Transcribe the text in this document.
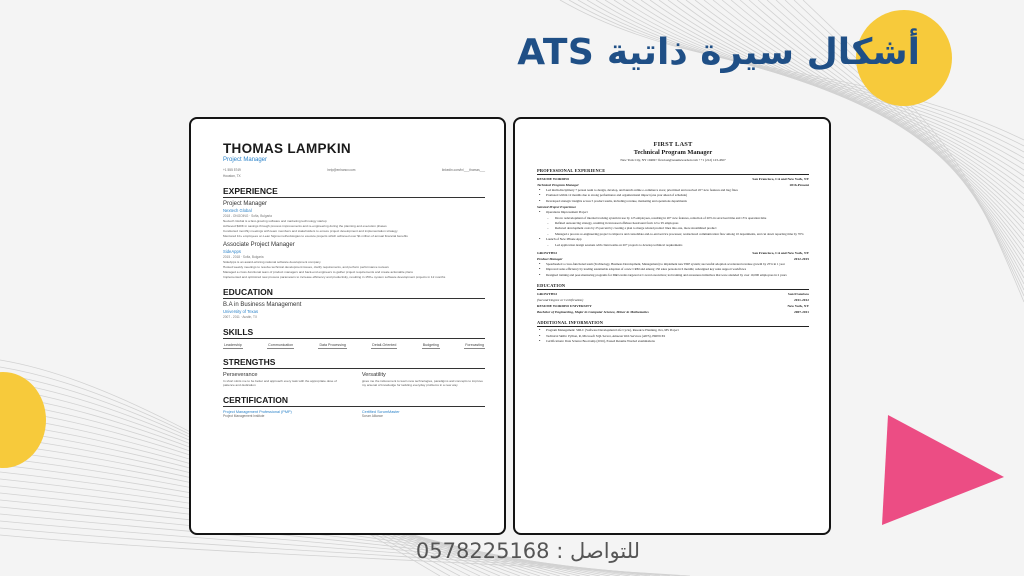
أشكال سيرة ذاتية ATS
THOMAS LAMPKIN
Project Manager
+1 555 5749	help@enhancv.com	linkedin.com/in/___thomas___
Houston, TX
EXPERIENCE
Project Manager
Nextech Global
2018 - ONGOING · Sofia, Bulgaria
Nextech Global is a fast-growing software and marketing technology startup
Achieved $40K in savings through process improvements and re-engineering during the planning and execution phases
Conducted monthly meetings with team members and stakeholders to ensure project development and implementation strategy
Mentored 10+ employees on Lean Sigma methodologies to execute projects which achieved over $1 million of annual financial benefits
Associate Project Manager
SideApps
2015 - 2018 · Sofia, Bulgaria
SideApps is an award-winning national software development company
Hosted weekly meetings to resolve technical development issues, clarify requirements, and perform performance reviews
Managed a cross-functional team of product managers and back-end engineers to gather project requirements and create actionable plans
Implemented and optimized new process parameters to increase efficiency and productivity, resulting in 15%+ system software development projects in 12 months
EDUCATION
B.A in Business Management
University of Texas
2007 - 2011 · Austin, TX
SKILLS
Leadership	Communication	Data Processing	Detail-Oriented	Budgeting	Forecasting
STRENGTHS
Perseverance
In short stints me to be better and approach every task with the appropriate dose of patience and dedication
Versatility
gives me the inducement to learn new technologies, paradigms and concepts to improve my arsenal of knowledge for tackling everyday problems in a new way
CERTIFICATION
Project Management Professional (PMP)
Project Management Institute
Certified ScrumMaster
Scrum Alliance
FIRST LAST
Technical Program Manager
New York City, NY 10469 • first.last@resumeworded.com • +1 (212) 123-4567
PROFESSIONAL EXPERIENCE
RESUME WORDED	San Francisco, CA and New York, NY
Technical Program Manager	2016-Present
• Led multi-disciplinary 7 person team to design, develop, and launch online e-commerce store; prioritized and resolved 45+ new features and bug fixes
• Promoted within 12 months due to strong performance and organizational impact (one year ahead of schedule)
• Developed strategic insights across 5 product teams, including revenue, marketing and operations departments
Selected Project Experience
• Operations Improvement Project
– Drove redevelopment of internal tracking system in use by 125 employees, resulting in 20+ new features, reduction of 20% in save/load time and 15% operation time
– Refined outsourcing strategy, resulting in increased offshore headcount from 12 to 95 employees
– Reduced development costs by 25 percent by creating a plan to merge related product lines into one, more streamlined product
– Managed a process re-engineering project to improve and consolidate end-to-end service processes; restructured communication flow among 10 departments, and cut down reporting time by 70%
• Launch of New iPhone App
– Led application design sessions with client teams on 20+ projects to develop technical requirements
GROWTHSI	San Francisco, CA and New York, NY
Product Manager	2012-2015
• Spearheaded a cross-functional team (Technology, Business Development, Management) to implement new ERP system; successful adoption accelerated revenue growth by 25% in 1 year
• Improved sales efficiency by leading sustainable adoption of a new CRM and among 150 sales persons in 6 months; redesigned key sales support workflows
• Designed training and peer-mentoring programs for D&I events targeted at C-level executives; led training and awareness initiatives that were attended by over 10,000 employees in 2 years
EDUCATION
GROWTHSI	San Francisco
(Second Degree or Certification)	2011-2012
RESUME WORDED UNIVERSITY	New York, NY
Bachelor of Engineering, Major in Computer Science, Minor in Mathematics	2007-2011
ADDITIONAL INFORMATION
• Program Management: SDLC (Software Development Life Cycle), Resource Planning, Jira, MS Project
• Technical Skills: Python, R, Microsoft SQL Server, Amazon Web Services (AWS), PRINCE2
• Certifications: Data Science Bootcamp (2016), Passed Resume Worded examinations
للتواصل : 0578225168
